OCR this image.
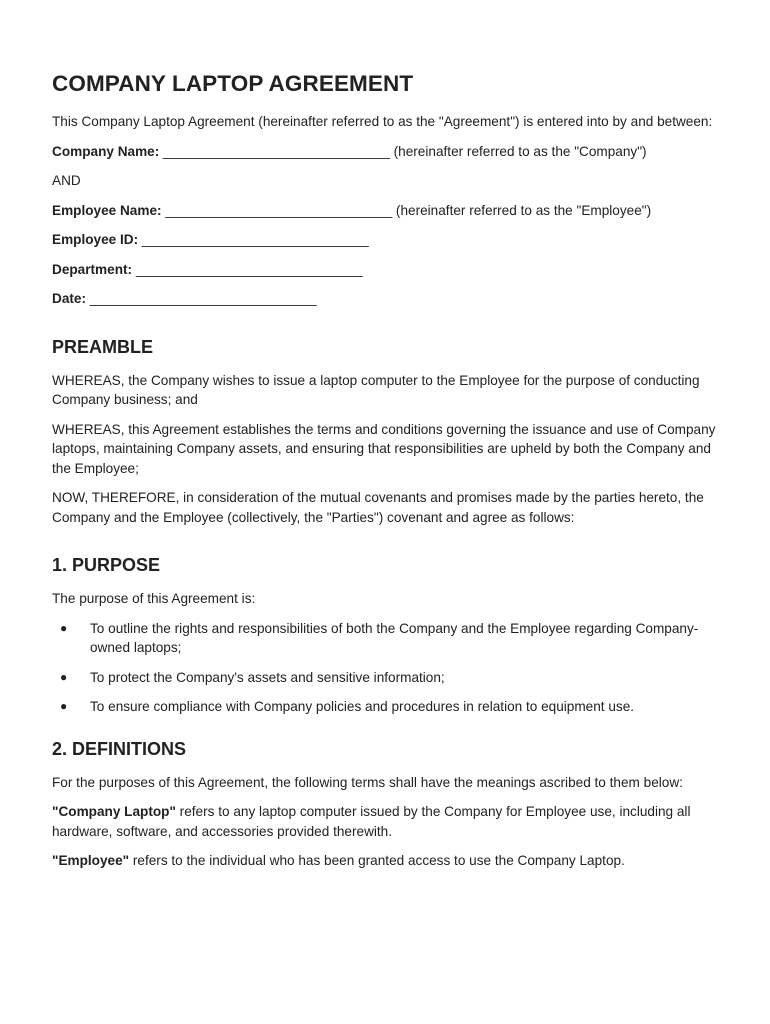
COMPANY LAPTOP AGREEMENT

This Company Laptop Agreement (hereinafter referred to as the "Agreement") is entered into by and between:

Company Name: ______________________________ (hereinafter referred to as the "Company")

AND

Employee Name: ______________________________ (hereinafter referred to as the "Employee")

Employee ID: ______________________________

Department: ______________________________

Date: ______________________________

PREAMBLE

WHEREAS, the Company wishes to issue a laptop computer to the Employee for the purpose of conducting Company business; and

WHEREAS, this Agreement establishes the terms and conditions governing the issuance and use of Company laptops, maintaining Company assets, and ensuring that responsibilities are upheld by both the Company and the Employee;

NOW, THEREFORE, in consideration of the mutual covenants and promises made by the parties hereto, the Company and the Employee (collectively, the "Parties") covenant and agree as follows:

1. PURPOSE

The purpose of this Agreement is:

● To outline the rights and responsibilities of both the Company and the Employee regarding Company-owned laptops;
● To protect the Company's assets and sensitive information;
● To ensure compliance with Company policies and procedures in relation to equipment use.
2. DEFINITIONS

For the purposes of this Agreement, the following terms shall have the meanings ascribed to them below:

"Company Laptop" refers to any laptop computer issued by the Company for Employee use, including all hardware, software, and accessories provided therewith.

"Employee" refers to the individual who has been granted access to use the Company Laptop.
